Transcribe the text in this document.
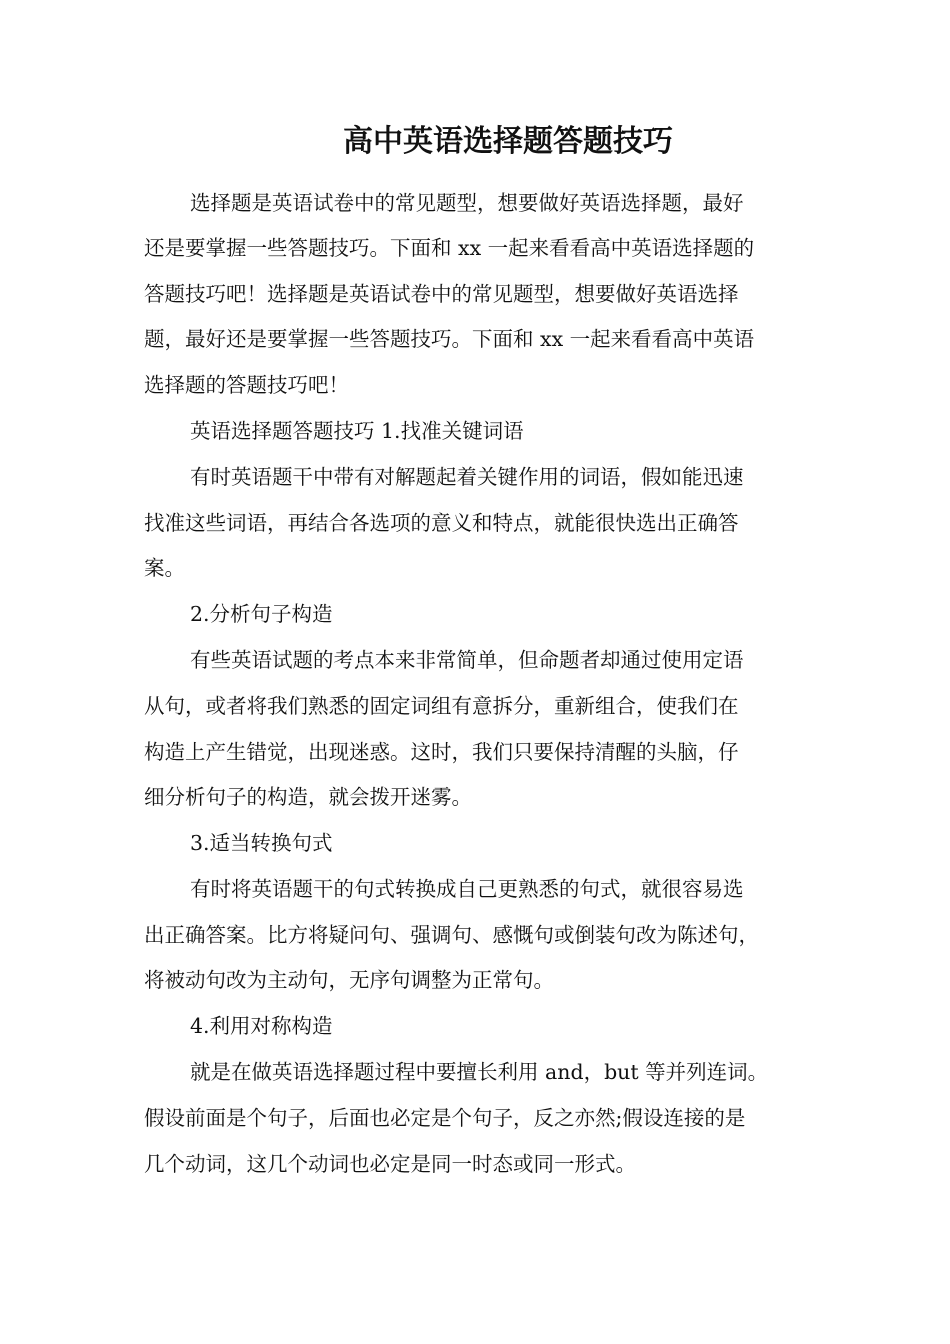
高中英语选择题答题技巧

选择题是英语试卷中的常见题型，想要做好英语选择题，最好

还是要掌握一些答题技巧。下面和 xx 一起来看看高中英语选择题的

答题技巧吧！选择题是英语试卷中的常见题型，想要做好英语选择

题，最好还是要掌握一些答题技巧。下面和 xx 一起来看看高中英语

选择题的答题技巧吧！

英语选择题答题技巧 1.找准关键词语

有时英语题干中带有对解题起着关键作用的词语，假如能迅速

找准这些词语，再结合各选项的意义和特点，就能很快选出正确答

案。

2.分析句子构造

有些英语试题的考点本来非常简单，但命题者却通过使用定语

从句，或者将我们熟悉的固定词组有意拆分，重新组合，使我们在

构造上产生错觉，出现迷惑。这时，我们只要保持清醒的头脑，仔

细分析句子的构造，就会拨开迷雾。

3.适当转换句式

有时将英语题干的句式转换成自己更熟悉的句式，就很容易选

出正确答案。比方将疑问句、强调句、感慨句或倒装句改为陈述句，

将被动句改为主动句，无序句调整为正常句。

4.利用对称构造

就是在做英语选择题过程中要擅长利用 and，but 等并列连词。

假设前面是个句子，后面也必定是个句子，反之亦然;假设连接的是

几个动词，这几个动词也必定是同一时态或同一形式。
